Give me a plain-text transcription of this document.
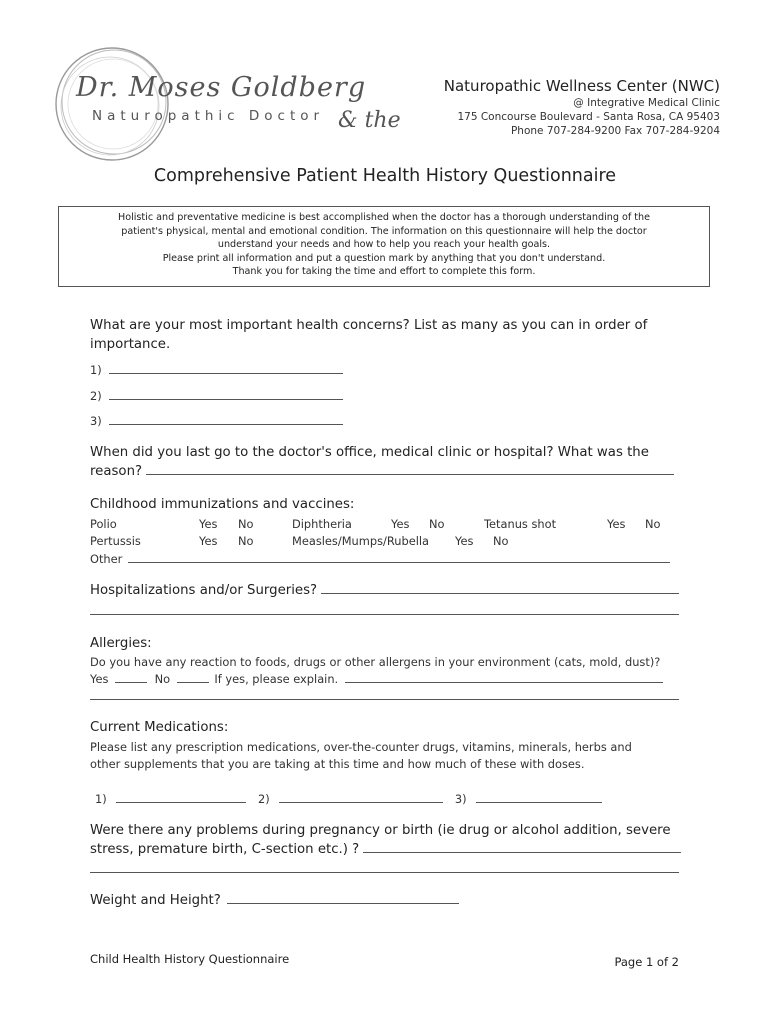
Dr. Moses Goldberg
Naturopathic Doctor & the
Naturopathic Wellness Center (NWC)
@ Integrative Medical Clinic
175 Concourse Boulevard - Santa Rosa, CA 95403
Phone 707-284-9200 Fax 707-284-9204
Comprehensive Patient Health History Questionnaire
Holistic and preventative medicine is best accomplished when the doctor has a thorough understanding of the
patient's physical, mental and emotional condition. The information on this questionnaire will help the doctor
understand your needs and how to help you reach your health goals.
Please print all information and put a question mark by anything that you don't understand.
Thank you for taking the time and effort to complete this form.
What are your most important health concerns? List as many as you can in order of
importance.
1)
2)
3)
When did you last go to the doctor's office, medical clinic or hospital? What was the
reason?
Childhood immunizations and vaccines:
Polio	Yes No	Diphtheria	Yes No	Tetanus shot	Yes No
Pertussis	Yes No	Measles/Mumps/Rubella Yes No
Other
Hospitalizations and/or Surgeries?
Allergies:
Do you have any reaction to foods, drugs or other allergens in your environment (cats, mold, dust)?
Yes	No	If yes, please explain.
Current Medications:
Please list any prescription medications, over-the-counter drugs, vitamins, minerals, herbs and
other supplements that you are taking at this time and how much of these with doses.
1)	2)	3)
Were there any problems during pregnancy or birth (ie drug or alcohol addition, severe
stress, premature birth, C-section etc.) ?
Weight and Height?
Child Health History Questionnaire	Page 1 of 2
